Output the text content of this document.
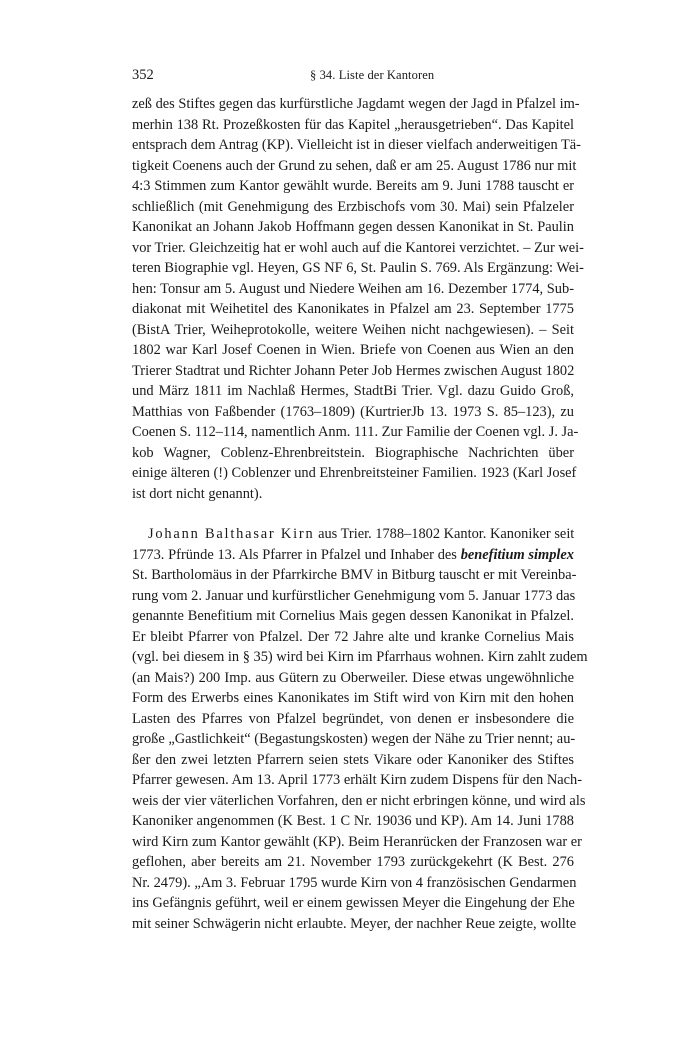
352	§ 34. Liste der Kantoren
zeß des Stiftes gegen das kurfürstliche Jagdamt wegen der Jagd in Pfalzel im-
merhin 138 Rt. Prozeßkosten für das Kapitel „herausgetrieben“. Das Kapitel
entsprach dem Antrag (KP). Vielleicht ist in dieser vielfach anderweitigen Tä-
tigkeit Coenens auch der Grund zu sehen, daß er am 25. August 1786 nur mit
4:3 Stimmen zum Kantor gewählt wurde. Bereits am 9. Juni 1788 tauscht er
schließlich (mit Genehmigung des Erzbischofs vom 30. Mai) sein Pfalzeler
Kanonikat an Johann Jakob Hoffmann gegen dessen Kanonikat in St. Paulin
vor Trier. Gleichzeitig hat er wohl auch auf die Kantorei verzichtet. – Zur wei-
teren Biographie vgl. Heyen, GS NF 6, St. Paulin S. 769. Als Ergänzung: Wei-
hen: Tonsur am 5. August und Niedere Weihen am 16. Dezember 1774, Sub-
diakonat mit Weihetitel des Kanonikates in Pfalzel am 23. September 1775
(BistA Trier, Weiheprotokolle, weitere Weihen nicht nachgewiesen). – Seit
1802 war Karl Josef Coenen in Wien. Briefe von Coenen aus Wien an den
Trierer Stadtrat und Richter Johann Peter Job Hermes zwischen August 1802
und März 1811 im Nachlaß Hermes, StadtBi Trier. Vgl. dazu Guido Groß,
Matthias von Faßbender (1763–1809) (KurtrierJb 13. 1973 S. 85–123), zu
Coenen S. 112–114, namentlich Anm. 111. Zur Familie der Coenen vgl. J. Ja-
kob Wagner, Coblenz-Ehrenbreitstein. Biographische Nachrichten über
einige älteren (!) Coblenzer und Ehrenbreitsteiner Familien. 1923 (Karl Josef
ist dort nicht genannt).
Johann Balthasar Kirn aus Trier. 1788–1802 Kantor. Kanoniker seit
1773. Pfründe 13. Als Pfarrer in Pfalzel und Inhaber des benefitium simplex
St. Bartholomäus in der Pfarrkirche BMV in Bitburg tauscht er mit Vereinba-
rung vom 2. Januar und kurfürstlicher Genehmigung vom 5. Januar 1773 das
genannte Benefitium mit Cornelius Mais gegen dessen Kanonikat in Pfalzel.
Er bleibt Pfarrer von Pfalzel. Der 72 Jahre alte und kranke Cornelius Mais
(vgl. bei diesem in § 35) wird bei Kirn im Pfarrhaus wohnen. Kirn zahlt zudem
(an Mais?) 200 Imp. aus Gütern zu Oberweiler. Diese etwas ungewöhnliche
Form des Erwerbs eines Kanonikates im Stift wird von Kirn mit den hohen
Lasten des Pfarres von Pfalzel begründet, von denen er insbesondere die
große „Gastlichkeit“ (Begastungskosten) wegen der Nähe zu Trier nennt; au-
ßer den zwei letzten Pfarrern seien stets Vikare oder Kanoniker des Stiftes
Pfarrer gewesen. Am 13. April 1773 erhält Kirn zudem Dispens für den Nach-
weis der vier väterlichen Vorfahren, den er nicht erbringen könne, und wird als
Kanoniker angenommen (K Best. 1 C Nr. 19036 und KP). Am 14. Juni 1788
wird Kirn zum Kantor gewählt (KP). Beim Heranrücken der Franzosen war er
geflohen, aber bereits am 21. November 1793 zurückgekehrt (K Best. 276
Nr. 2479). „Am 3. Februar 1795 wurde Kirn von 4 französischen Gendarmen
ins Gefängnis geführt, weil er einem gewissen Meyer die Eingehung der Ehe
mit seiner Schwägerin nicht erlaubte. Meyer, der nachher Reue zeigte, wollte
